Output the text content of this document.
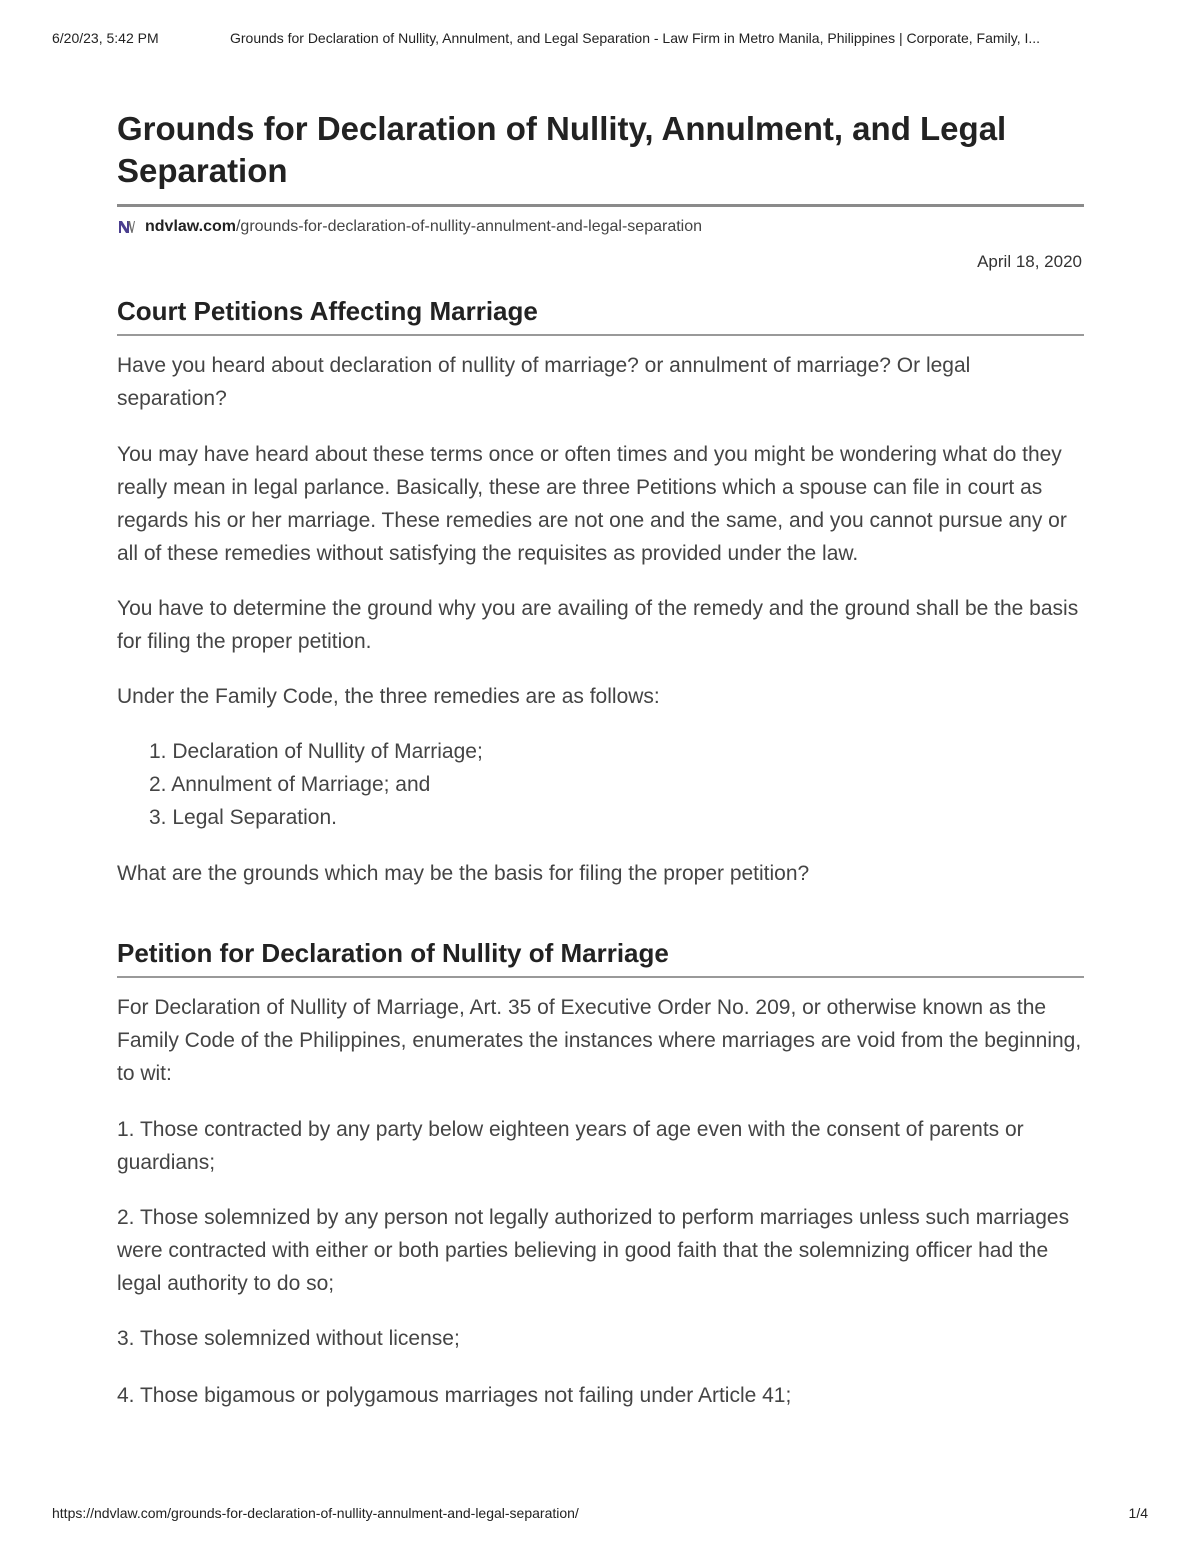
6/20/23, 5:42 PM	Grounds for Declaration of Nullity, Annulment, and Legal Separation - Law Firm in Metro Manila, Philippines | Corporate, Family, I...
Grounds for Declaration of Nullity, Annulment, and Legal Separation
ndvlaw.com /grounds-for-declaration-of-nullity-annulment-and-legal-separation
April 18, 2020
Court Petitions Affecting Marriage

Have you heard about declaration of nullity of marriage? or annulment of marriage? Or legal separation?

You may have heard about these terms once or often times and you might be wondering what do they really mean in legal parlance. Basically, these are three Petitions which a spouse can file in court as regards his or her marriage. These remedies are not one and the same, and you cannot pursue any or all of these remedies without satisfying the requisites as provided under the law.

You have to determine the ground why you are availing of the remedy and the ground shall be the basis for filing the proper petition.

Under the Family Code, the three remedies are as follows:

1. Declaration of Nullity of Marriage;
2. Annulment of Marriage; and
3. Legal Separation.

What are the grounds which may be the basis for filing the proper petition?

Petition for Declaration of Nullity of Marriage

For Declaration of Nullity of Marriage, Art. 35 of Executive Order No. 209, or otherwise known as the Family Code of the Philippines, enumerates the instances where marriages are void from the beginning, to wit:

1. Those contracted by any party below eighteen years of age even with the consent of parents or guardians;

2. Those solemnized by any person not legally authorized to perform marriages unless such marriages were contracted with either or both parties believing in good faith that the solemnizing officer had the legal authority to do so;

3. Those solemnized without license;

4. Those bigamous or polygamous marriages not failing under Article 41;

https://ndvlaw.com/grounds-for-declaration-of-nullity-annulment-and-legal-separation/	1/4
